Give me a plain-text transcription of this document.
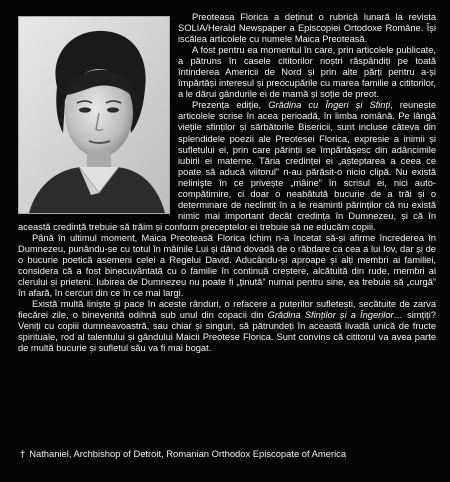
Preoteasa Florica a deținut o rubrică lunară la revista SOLIA/Herald Newspaper a Episcopiei Ortodoxe Române. Își iscălea articolele cu numele Maica Preoteasă.

A fost pentru ea momentul în care, prin articolele publicate, a pătruns în casele cititorilor noștri răspândiți pe toată întinderea Americii de Nord și prin alte părți pentru a-și împărtăși interesul și preocupările cu marea familie a cititorilor, a le dărui gândurile ei de mamă și soție de preot.

Prezența ediție, Grădina cu Îngeri și Sfinți, reunește articolele scrise în acea perioadă, în limba română. Pe lângă viețile sfinților și sărbătorile Bisericii, sunt incluse câteva din splendidele poezii ale Preotesei Florica, expresie a inimii și sufletului ei, prin care părinții se împărtășesc din adâncimile iubirii ei materne. Tăria credinței ei „așteptarea a ceea ce poate să aducă viitorul” n-au părăsit-o nicio clipă. Nu există nelinişte în ce privește „mâine” în scrisul ei, nici auto-compătimire, ci doar o neabătută bucurie de a trăi și o determinare de neclintit în a le reaminti părinților că nu există nimic mai important decât credința în Dumnezeu, și că în această credință trebuie să trăim și conform preceptelor ei trebuie să ne educăm copiii.

Până în ultimul moment, Maica Preoteasă Florica Ichim n-a încetat să-și afirme încrederea în Dumnezeu, punându-se cu totul în mâinile Lui și dând dovadă de o răbdare ca cea a lui Iov, dar și de o bucurie poetică asemeni celei a Regelui David. Aducându-și aproape și alți membri ai familiei, considera că a fost binecuvântată cu o familie în continuă creștere, alcătuită din rude, membri ai clerului și prieteni. Iubirea de Dumnezeu nu poate fi „ținută” numai pentru sine, ea trebuie să „curgă” în afară, în cercuri din ce în ce mai largi.

Există multă liniște și pace în aceste rânduri, o refacere a puterilor sufletești, secătuite de zarva fiecărei zile, o binevenită odihnă sub unul din copacii din Grădina Sfinților și a Îngerilor… simțiți? Veniți cu copiii dumneavoastră, sau chiar și singuri, să pătrundeți în această livadă unică de fructe spirituale, rod al talentului și gândului Maicii Preotese Florica. Sunt convins că cititorul va avea parte de multă bucurie și sufletul său va fi mai bogat.

† Nathaniel, Archbishop of Detroit, Romanian Orthodox Episcopate of America
